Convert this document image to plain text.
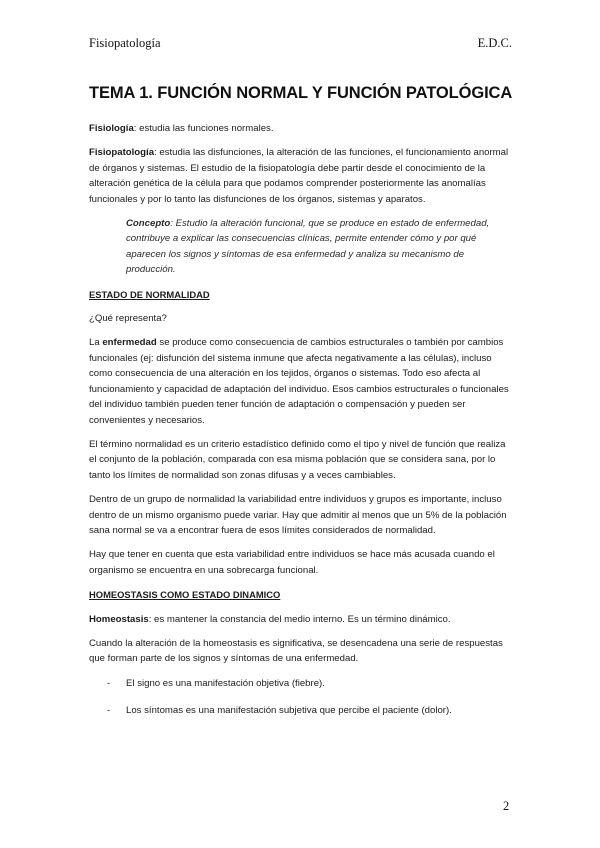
Fisiopatología	E.D.C.
TEMA 1. FUNCIÓN NORMAL Y FUNCIÓN PATOLÓGICA

Fisiología: estudia las funciones normales.

Fisiopatología: estudia las disfunciones, la alteración de las funciones, el funcionamiento anormal de órganos y sistemas. El estudio de la fisiopatología debe partir desde el conocimiento de la alteración genética de la célula para que podamos comprender posteriormente las anomalías funcionales y por lo tanto las disfunciones de los órganos, sistemas y aparatos.

Concepto: Estudio la alteración funcional, que se produce en estado de enfermedad, contribuye a explicar las consecuencias clínicas, permite entender cómo y por qué aparecen los signos y síntomas de esa enfermedad y analiza su mecanismo de producción.

ESTADO DE NORMALIDAD

¿Qué representa?

La enfermedad se produce como consecuencia de cambios estructurales o también por cambios funcionales (ej: disfunción del sistema inmune que afecta negativamente a las células), incluso como consecuencia de una alteración en los tejidos, órganos o sistemas. Todo eso afecta al funcionamiento y capacidad de adaptación del individuo. Esos cambios estructurales o funcionales del individuo también pueden tener función de adaptación o compensación y pueden ser convenientes y necesarios.

El término normalidad es un criterio estadístico definido como el tipo y nivel de función que realiza el conjunto de la población, comparada con esa misma población que se considera sana, por lo tanto los límites de normalidad son zonas difusas y a veces cambiables.

Dentro de un grupo de normalidad la variabilidad entre individuos y grupos es importante, incluso dentro de un mismo organismo puede variar. Hay que admitir al menos que un 5% de la población sana normal se va a encontrar fuera de esos límites considerados de normalidad.

Hay que tener en cuenta que esta variabilidad entre individuos se hace más acusada cuando el organismo se encuentra en una sobrecarga funcional.

HOMEOSTASIS COMO ESTADO DINAMICO

Homeostasis: es mantener la constancia del medio interno. Es un término dinámico.

Cuando la alteración de la homeostasis es significativa, se desencadena una serie de respuestas que forman parte de los signos y síntomas de una enfermedad.

-	El signo es una manifestación objetiva (fiebre).
-	Los síntomas es una manifestación subjetiva que percibe el paciente (dolor).
2
